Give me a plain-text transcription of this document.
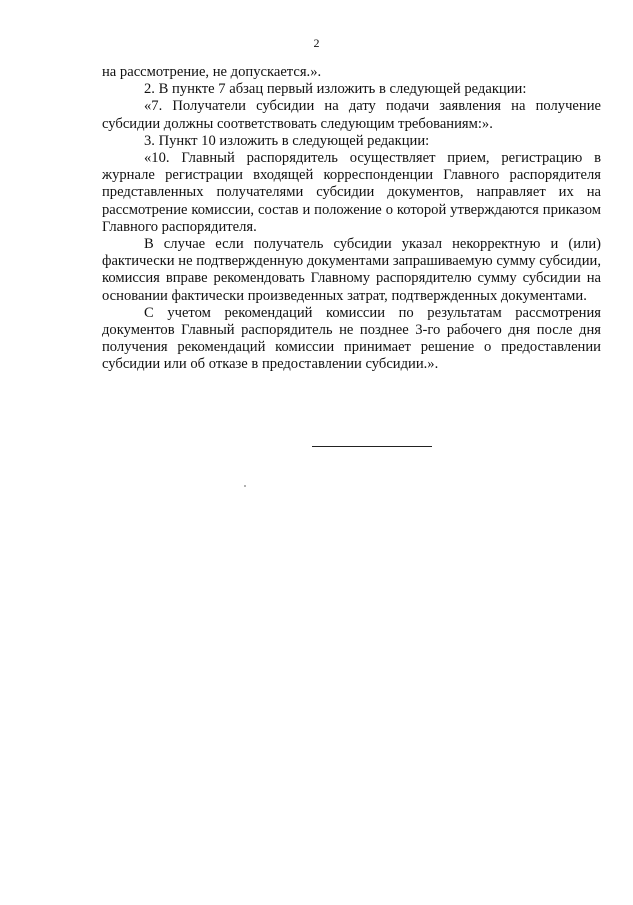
2

на рассмотрение, не допускается.».

2. В пункте 7 абзац первый изложить в следующей редакции:

«7. Получатели субсидии на дату подачи заявления на получение субсидии должны соответствовать следующим требованиям:».

3. Пункт 10 изложить в следующей редакции:

«10. Главный распорядитель осуществляет прием, регистрацию в журнале регистрации входящей корреспонденции Главного распорядителя представленных получателями субсидии документов, направляет их на рассмотрение комиссии, состав и положение о которой утверждаются приказом Главного распорядителя.

В случае если получатель субсидии указал некорректную и (или) фактически не подтвержденную документами запрашиваемую сумму субсидии, комиссия вправе рекомендовать Главному распорядителю сумму субсидии на основании фактически произведенных затрат, подтвержденных документами.

С учетом рекомендаций комиссии по результатам рассмотрения документов Главный распорядитель не позднее 3-го рабочего дня после дня получения рекомендаций комиссии принимает решение о предоставлении субсидии или об отказе в предоставлении субсидии.».
